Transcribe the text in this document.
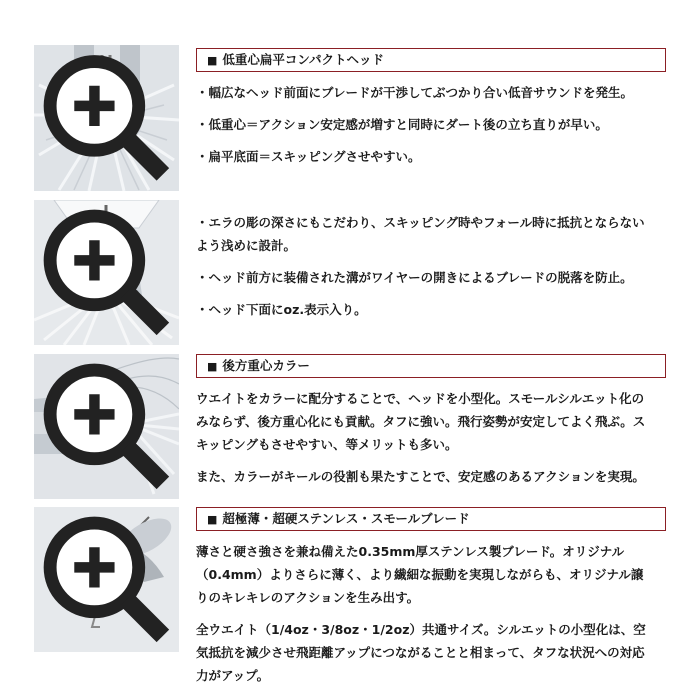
■ 低重心扁平コンパクトヘッド

・幅広なヘッド前面にブレードが干渉してぶつかり合い低音サウンドを発生。

・低重心＝アクション安定感が増すと同時にダート後の立ち直りが早い。

・扁平底面＝スキッピングさせやすい。

・エラの彫の深さにもこだわり、スキッピング時やフォール時に抵抗とならない

よう浅めに設計。

・ヘッド前方に装備された溝がワイヤーの開きによるブレードの脱落を防止。

・ヘッド下面にoz.表示入り。

■ 後方重心カラー

ウエイトをカラーに配分することで、ヘッドを小型化。スモールシルエット化の

みならず、後方重心化にも貢献。タフに強い。飛行姿勢が安定してよく飛ぶ。ス

キッピングもさせやすい、等メリットも多い。

また、カラーがキールの役割も果たすことで、安定感のあるアクションを実現。

■ 超極薄・超硬ステンレス・スモールブレード

薄さと硬さ強さを兼ね備えた0.35mm厚ステンレス製ブレード。オリジナル

（0.4mm）よりさらに薄く、より繊細な振動を実現しながらも、オリジナル譲

りのキレキレのアクションを生み出す。

全ウエイト（1/4oz・3/8oz・1/2oz）共通サイズ。シルエットの小型化は、空

気抵抗を減少させ飛距離アップにつながることと相まって、タフな状況への対応

力がアップ。
